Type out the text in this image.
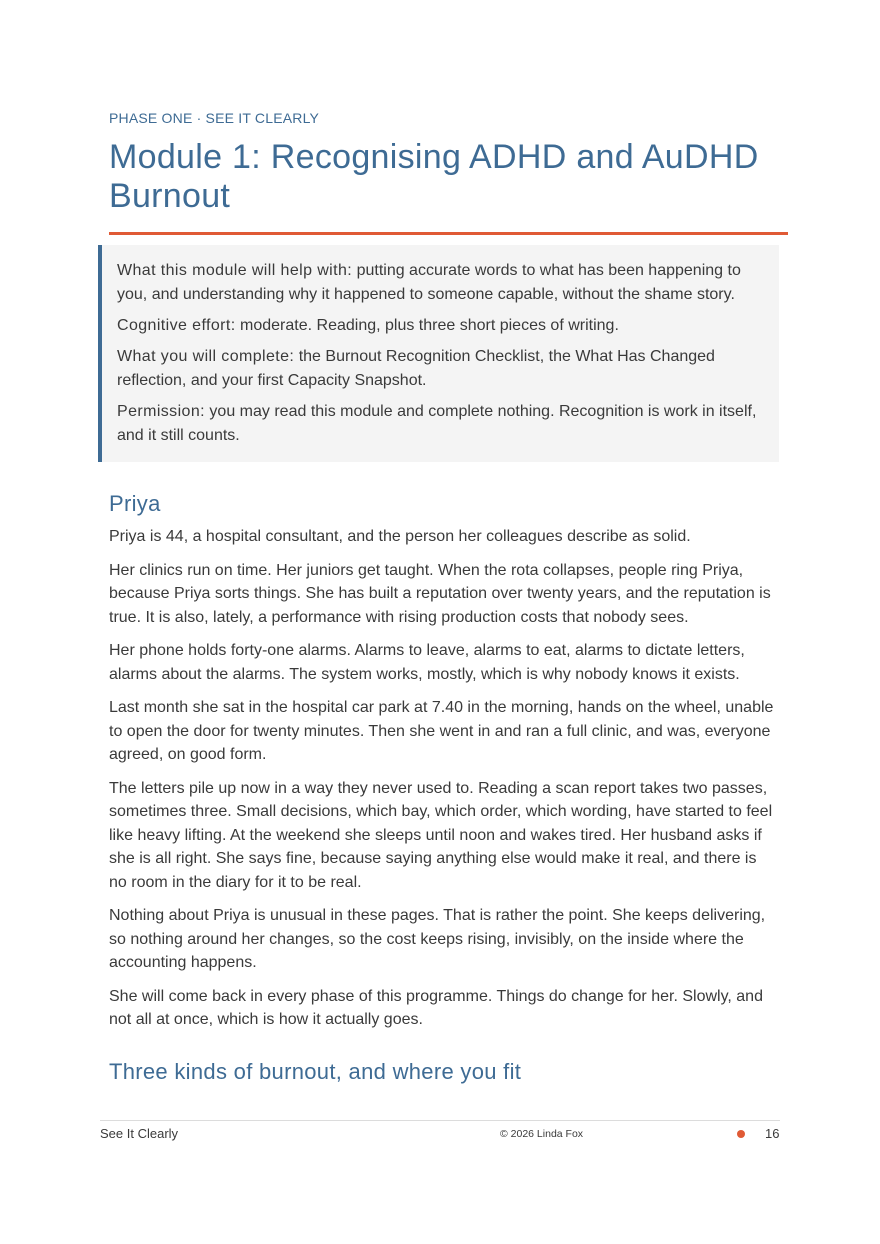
PHASE ONE · SEE IT CLEARLY
Module 1: Recognising ADHD and AuDHD Burnout

What this module will help with: putting accurate words to what has been happening to you, and understanding why it happened to someone capable, without the shame story.

Cognitive effort: moderate. Reading, plus three short pieces of writing.

What you will complete: the Burnout Recognition Checklist, the What Has Changed reflection, and your first Capacity Snapshot.

Permission: you may read this module and complete nothing. Recognition is work in itself, and it still counts.

Priya

Priya is 44, a hospital consultant, and the person her colleagues describe as solid.

Her clinics run on time. Her juniors get taught. When the rota collapses, people ring Priya, because Priya sorts things. She has built a reputation over twenty years, and the reputation is true. It is also, lately, a performance with rising production costs that nobody sees.

Her phone holds forty-one alarms. Alarms to leave, alarms to eat, alarms to dictate letters, alarms about the alarms. The system works, mostly, which is why nobody knows it exists.

Last month she sat in the hospital car park at 7.40 in the morning, hands on the wheel, unable to open the door for twenty minutes. Then she went in and ran a full clinic, and was, everyone agreed, on good form.

The letters pile up now in a way they never used to. Reading a scan report takes two passes, sometimes three. Small decisions, which bay, which order, which wording, have started to feel like heavy lifting. At the weekend she sleeps until noon and wakes tired. Her husband asks if she is all right. She says fine, because saying anything else would make it real, and there is no room in the diary for it to be real.

Nothing about Priya is unusual in these pages. That is rather the point. She keeps delivering, so nothing around her changes, so the cost keeps rising, invisibly, on the inside where the accounting happens.

She will come back in every phase of this programme. Things do change for her. Slowly, and not all at once, which is how it actually goes.

Three kinds of burnout, and where you fit
See It Clearly	© 2026 Linda Fox	16
